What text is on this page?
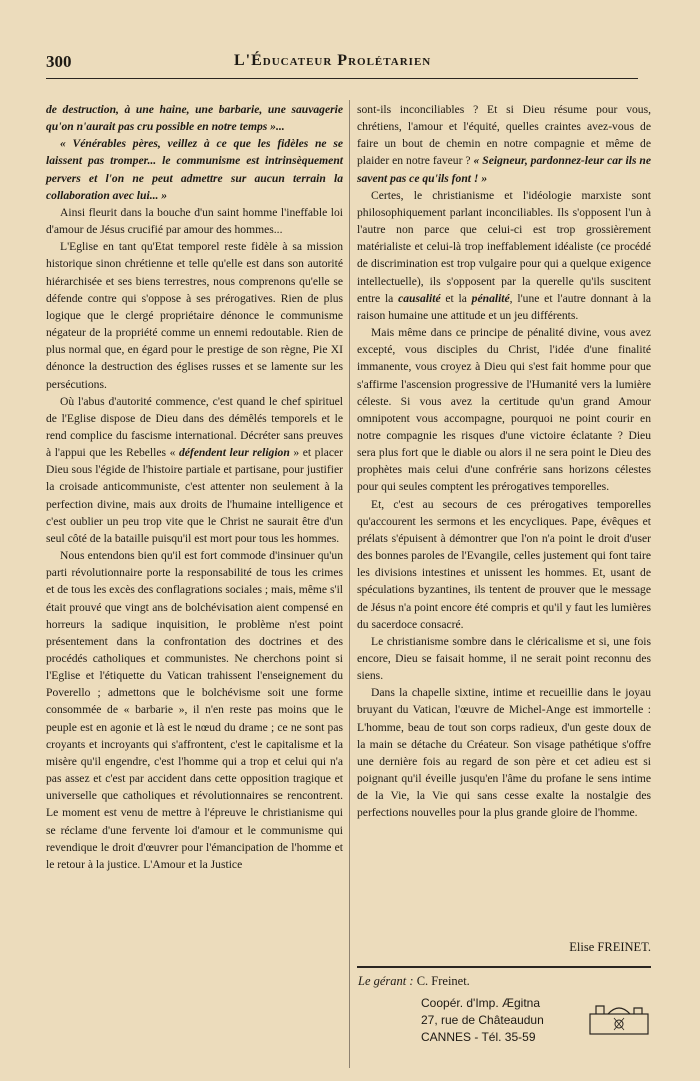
300	L'Éducateur Prolétarien

de destruction, à une haine, une barbarie, une sauvagerie qu'on n'aurait pas cru possible en notre temps »...

« Vénérables pères, veillez à ce que les fidèles ne se laissent pas tromper... le communisme est intrinsèquement pervers et l'on ne peut admettre sur aucun terrain la collaboration avec lui... »

Ainsi fleurit dans la bouche d'un saint homme l'ineffable loi d'amour de Jésus crucifié par amour des hommes...

L'Eglise en tant qu'Etat temporel reste fidèle à sa mission historique sinon chrétienne et telle qu'elle est dans son autorité hiérarchisée et ses biens terrestres, nous comprenons qu'elle se défende contre qui s'oppose à ses prérogatives. Rien de plus logique que le clergé propriétaire dénonce le communisme négateur de la propriété comme un ennemi redoutable. Rien de plus normal que, en égard pour le prestige de son règne, Pie XI dénonce la destruction des églises russes et se lamente sur les persécutions.

Où l'abus d'autorité commence, c'est quand le chef spirituel de l'Eglise dispose de Dieu dans des démêlés temporels et le rend complice du fascisme international. Décréter sans preuves à l'appui que les Rebelles « défendent leur religion » et placer Dieu sous l'égide de l'histoire partiale et partisane, pour justifier la croisade anticommuniste, c'est attenter non seulement à la perfection divine, mais aux droits de l'humaine intelligence et c'est oublier un peu trop vite que le Christ ne saurait être d'un seul côté de la bataille puisqu'il est mort pour tous les hommes.

Nous entendons bien qu'il est fort commode d'insinuer qu'un parti révolutionnaire porte la responsabilité de tous les crimes et de tous les excès des conflagrations sociales ; mais, même s'il était prouvé que vingt ans de bolchévisation aient compensé en horreurs la sadique inquisition, le problème n'est point présentement dans la confrontation des doctrines et des procédés catholiques et communistes. Ne cherchons point si l'Eglise et l'étiquette du Vatican trahissent l'enseignement du Poverello ; admettons que le bolchévisme soit une forme consommée de « barbarie », il n'en reste pas moins que le peuple est en agonie et là est le nœud du drame ; ce ne sont pas croyants et incroyants qui s'affrontent, c'est le capitalisme et la misère qu'il engendre, c'est l'homme qui a trop et celui qui n'a pas assez et c'est par accident dans cette opposition tragique et universelle que catholiques et révolutionnaires se rencontrent. Le moment est venu de mettre à l'épreuve le christianisme qui se réclame d'une fervente loi d'amour et le communisme qui revendique le droit d'œuvrer pour l'émancipation de l'homme et le retour à la justice. L'Amour et la Justice

sont-ils inconciliables ? Et si Dieu résume pour vous, chrétiens, l'amour et l'équité, quelles craintes avez-vous de faire un bout de chemin en notre compagnie et même de plaider en notre faveur ? « Seigneur, pardonnez-leur car ils ne savent pas ce qu'ils font ! »

Certes, le christianisme et l'idéologie marxiste sont philosophiquement parlant inconciliables. Ils s'opposent l'un à l'autre non parce que celui-ci est trop grossièrement matérialiste et celui-là trop ineffablement idéaliste (ce procédé de discrimination est trop vulgaire pour qui a quelque exigence intellectuelle), ils s'opposent par la querelle qu'ils suscitent entre la causalité et la pénalité, l'une et l'autre donnant à la raison humaine une attitude et un jeu différents.

Mais même dans ce principe de pénalité divine, vous avez excepté, vous disciples du Christ, l'idée d'une finalité immanente, vous croyez à Dieu qui s'est fait homme pour que s'affirme l'ascension progressive de l'Humanité vers la lumière céleste. Si vous avez la certitude qu'un grand Amour omnipotent vous accompagne, pourquoi ne point courir en notre compagnie les risques d'une victoire éclatante ? Dieu sera plus fort que le diable ou alors il ne sera point le Dieu des prophètes mais celui d'une confrérie sans horizons célestes pour qui seules comptent les prérogatives temporelles.

Et, c'est au secours de ces prérogatives temporelles qu'accourent les sermons et les encycliques. Pape, évêques et prélats s'épuisent à démontrer que l'on n'a point le droit d'user des bonnes paroles de l'Evangile, celles justement qui font taire les divisions intestines et unissent les hommes. Et, usant de spéculations byzantines, ils tentent de prouver que le message de Jésus n'a point encore été compris et qu'il y faut les lumières du sacerdoce consacré.

Le christianisme sombre dans le cléricalisme et si, une fois encore, Dieu se faisait homme, il ne serait point reconnu des siens.

Dans la chapelle sixtine, intime et recueillie dans le joyau bruyant du Vatican, l'œuvre de Michel-Ange est immortelle : L'homme, beau de tout son corps radieux, d'un geste doux de la main se détache du Créateur. Son visage pathétique s'offre une dernière fois au regard de son père et cet adieu est si poignant qu'il éveille jusqu'en l'âme du profane le sens intime de la Vie, la Vie qui sans cesse exalte la nostalgie des perfections nouvelles pour la plus grande gloire de l'homme.

Elise FREINET.
Le gérant : C. Freinet.
Coopér. d'Imp. Ægitna
27, rue de Châteaudun
CANNES - Tél. 35-59
